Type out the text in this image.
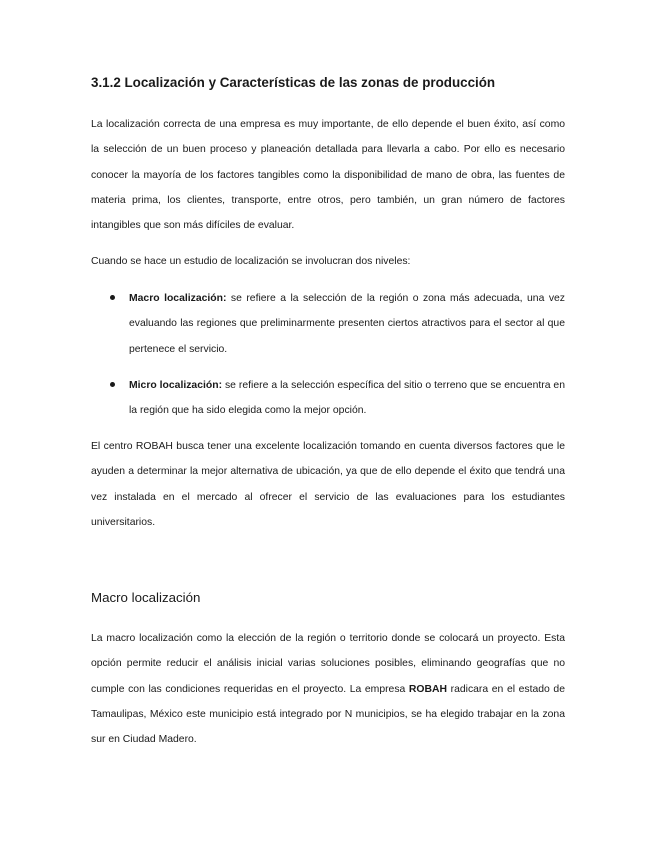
3.1.2 Localización y Características de las zonas de producción

La localización correcta de una empresa es muy importante, de ello depende el buen éxito, así como la selección de un buen proceso y planeación detallada para llevarla a cabo. Por ello es necesario conocer la mayoría de los factores tangibles como la disponibilidad de mano de obra, las fuentes de materia prima, los clientes, transporte, entre otros, pero también, un gran número de factores intangibles que son más difíciles de evaluar.

Cuando se hace un estudio de localización se involucran dos niveles:

Macro localización: se refiere a la selección de la región o zona más adecuada, una vez evaluando las regiones que preliminarmente presenten ciertos atractivos para el sector al que pertenece el servicio.

Micro localización: se refiere a la selección específica del sitio o terreno que se encuentra en la región que ha sido elegida como la mejor opción.

El centro ROBAH busca tener una excelente localización tomando en cuenta diversos factores que le ayuden a determinar la mejor alternativa de ubicación, ya que de ello depende el éxito que tendrá una vez instalada en el mercado al ofrecer el servicio de las evaluaciones para los estudiantes universitarios.

Macro localización

La macro localización como la elección de la región o territorio donde se colocará un proyecto. Esta opción permite reducir el análisis inicial varias soluciones posibles, eliminando geografías que no cumple con las condiciones requeridas en el proyecto. La empresa ROBAH radicara en el estado de Tamaulipas, México este municipio está integrado por N municipios, se ha elegido trabajar en la zona sur en Ciudad Madero.
